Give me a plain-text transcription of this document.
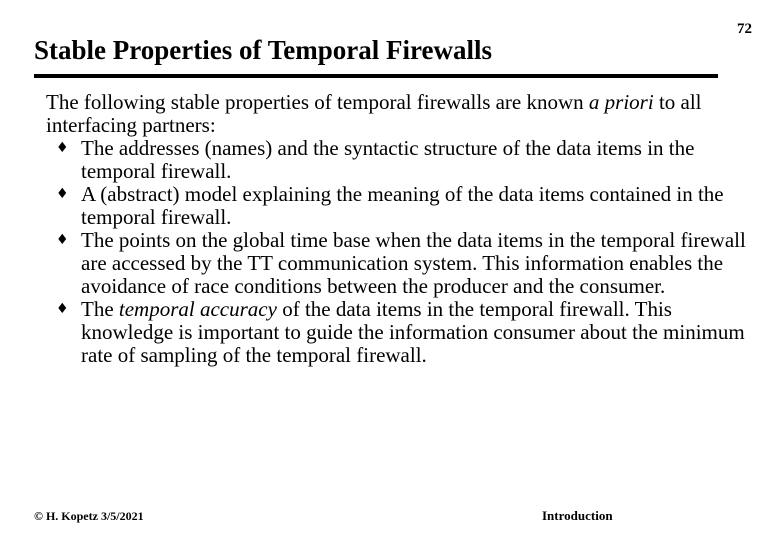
72
Stable Properties of Temporal Firewalls

The following stable properties of temporal firewalls are known a priori to all interfacing partners:

♦ The addresses (names) and the syntactic structure of the data items in the temporal firewall.
♦ A (abstract) model explaining the meaning of the data items contained in the temporal firewall.
♦ The points on the global time base when the data items in the temporal firewall are accessed by the TT communication system. This information enables the avoidance of race conditions between the producer and the consumer.
♦ The temporal accuracy of the data items in the temporal firewall. This knowledge is important to guide the information consumer about the minimum rate of sampling of the temporal firewall.
© H. Kopetz 3/5/2021	Introduction
